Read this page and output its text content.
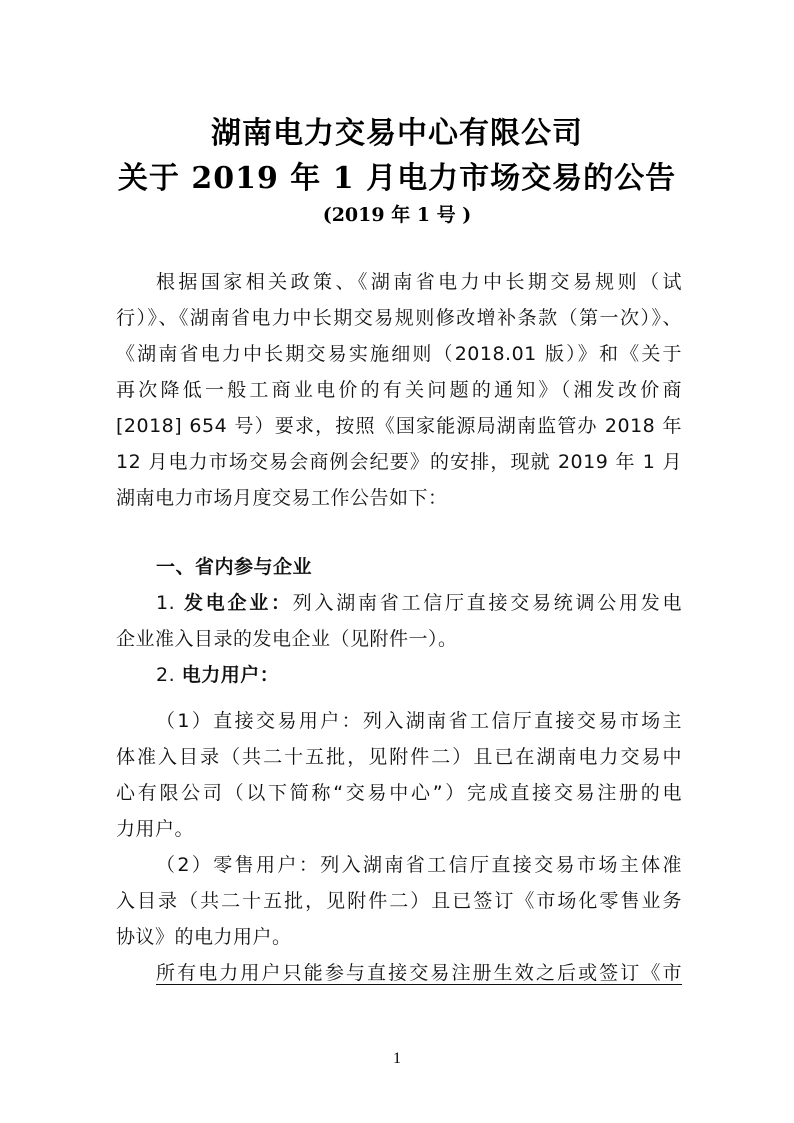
湖南电力交易中心有限公司
关于 2019 年 1 月电力市场交易的公告
(2019 年 1 号 )
根据国家相关政策、《湖南省电力中长期交易规则（试
行）》、《湖南省电力中长期交易规则修改增补条款（第一次）》、
《湖南省电力中长期交易实施细则（2018.01 版）》和《关于
再次降低一般工商业电价的有关问题的通知》（湘发改价商
[2018] 654 号）要求，按照《国家能源局湖南监管办 2018 年
12 月电力市场交易会商例会纪要》的安排，现就 2019 年 1 月
湖南电力市场月度交易工作公告如下：
一、省内参与企业
1. 发电企业：列入湖南省工信厅直接交易统调公用发电
企业准入目录的发电企业（见附件一）。
2. 电力用户：
（1）直接交易用户：列入湖南省工信厅直接交易市场主
体准入目录（共二十五批，见附件二）且已在湖南电力交易中
心有限公司（以下简称“交易中心”）完成直接交易注册的电
力用户。
（2）零售用户：列入湖南省工信厅直接交易市场主体准
入目录（共二十五批，见附件二）且已签订《市场化零售业务
协议》的电力用户。
所有电力用户只能参与直接交易注册生效之后或签订《市
1
